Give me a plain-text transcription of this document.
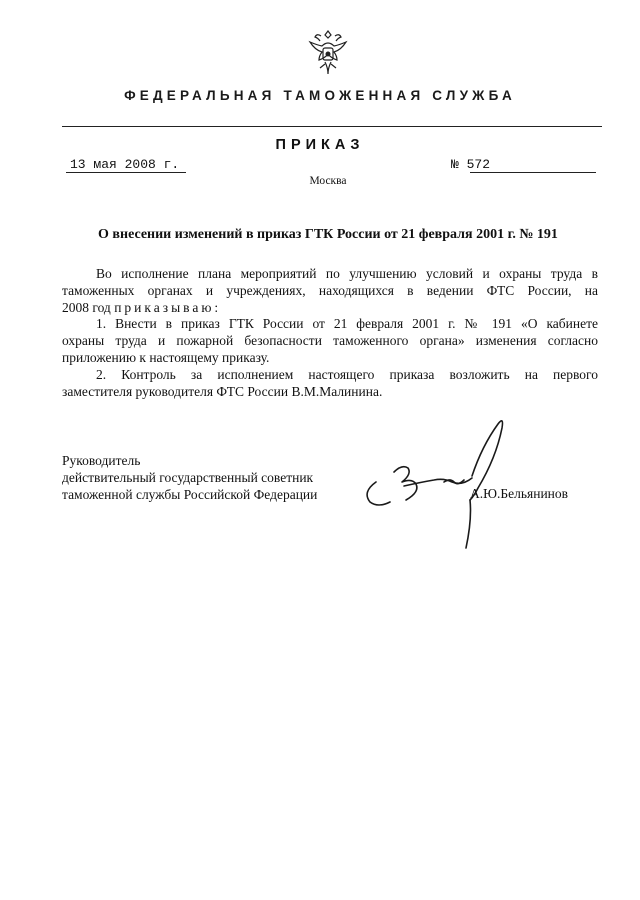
ФЕДЕРАЛЬНАЯ ТАМОЖЕННАЯ СЛУЖБА
ПРИКАЗ
13 мая 2008 г.	№ 572
Москва
О внесении изменений в приказ ГТК России от 21 февраля 2001 г. № 191
Во исполнение плана мероприятий по улучшению условий и охраны труда в
таможенных органах и учреждениях, находящихся в ведении ФТС России, на
2008 год приказываю:
1. Внести в приказ ГТК России от 21 февраля 2001 г. № 191 «О кабинете
охраны труда и пожарной безопасности таможенного органа» изменения согласно
приложению к настоящему приказу.
2. Контроль за исполнением настоящего приказа возложить на первого
заместителя руководителя ФТС России В.М.Малинина.
Руководитель
действительный государственный советник
таможенной службы Российской Федерации	А.Ю.Бельянинов
